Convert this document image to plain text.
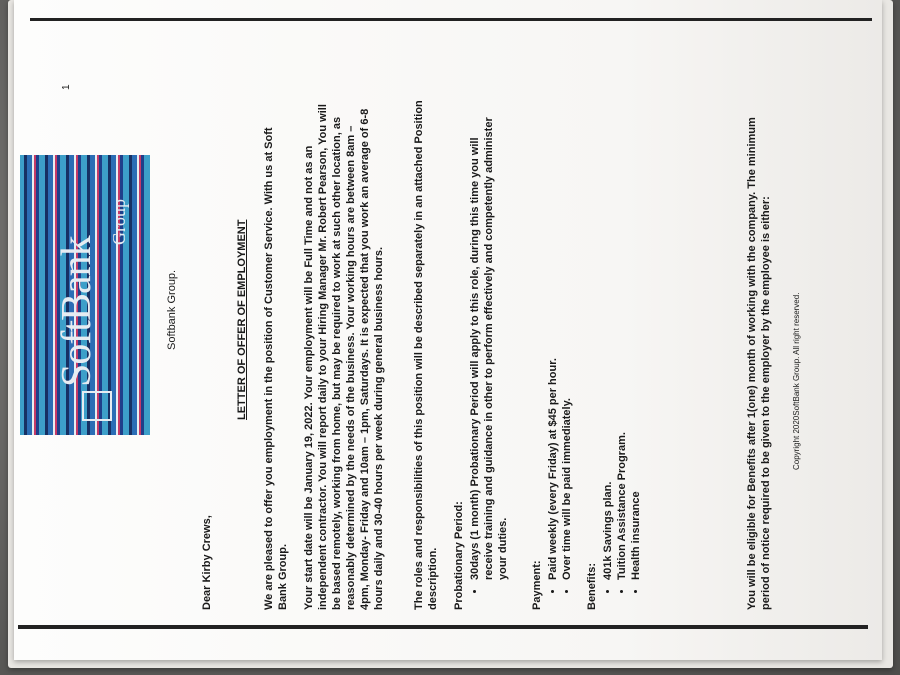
SoftBank
Group
Softbank Group.
Dear Kirby Crews,
LETTER OF OFFER OF EMPLOYMENT We are pleased to offer you employment in the position of Customer Service. With us at Soft Bank Group. Your start date will be January 19, 2022. Your employment will be Full Time and not as an independent contractor. You will report daily to your Hiring Manager Mr. Robert Pearson, You will be based remotely, working from home, but may be required to work at such other location, as reasonably determined by the needs of the business. Your working hours are between 8am – 4pm, Monday- Friday and 10am – 1pm, Saturdays. It is expected that you work an average of 6-8 hours daily and 30-40 hours per week during general business hours.	The roles and responsibilities of this position will be described separately in an attached Position description. Probationary Period: • 30days (1 month) Probationary Period will apply to this role, during this time you will receive training and guidance in other to perform effectively and competently administer your duties.
Payment:
• Paid weekly (every Friday) at $45 per hour. • Over time will be paid immediately.
Benefits:
• 401k Savings plan. • Tuition Assistance Program. • Health insurance	You will be eligible for Benefits after 1(one) month of working with the company. The minimum period of notice required to be given to the employer by the employee is either:	Copyright 2020SoftBank Group. All right reserved.
1
